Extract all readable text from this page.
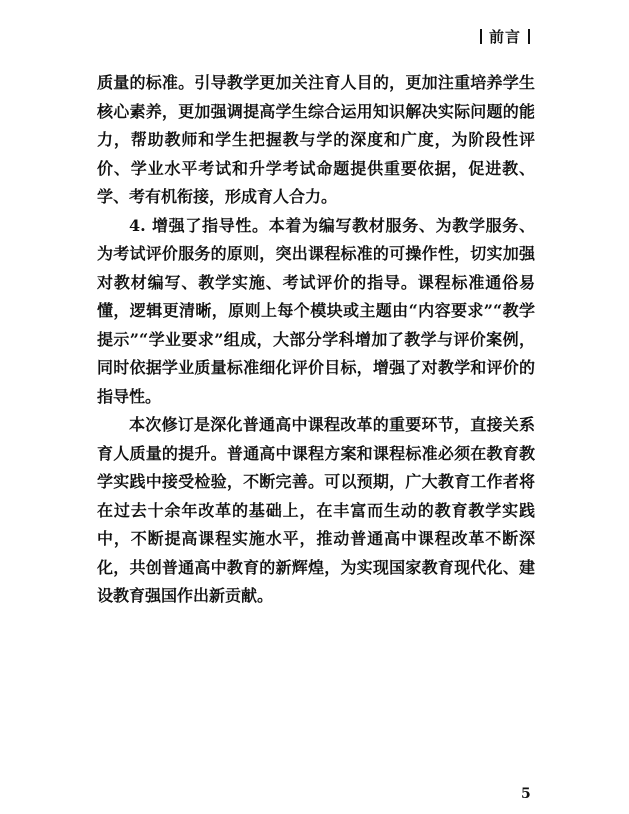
前言

质量的标准。引导教学更加关注育人目的，更加注重培养学生核心素养，更加强调提高学生综合运用知识解决实际问题的能力，帮助教师和学生把握教与学的深度和广度，为阶段性评价、学业水平考试和升学考试命题提供重要依据，促进教、学、考有机衔接，形成育人合力。

4. 增强了指导性。本着为编写教材服务、为教学服务、为考试评价服务的原则，突出课程标准的可操作性，切实加强对教材编写、教学实施、考试评价的指导。课程标准通俗易懂，逻辑更清晰，原则上每个模块或主题由“内容要求”“教学提示”“学业要求”组成，大部分学科增加了教学与评价案例，同时依据学业质量标准细化评价目标，增强了对教学和评价的指导性。

本次修订是深化普通高中课程改革的重要环节，直接关系育人质量的提升。普通高中课程方案和课程标准必须在教育教学实践中接受检验，不断完善。可以预期，广大教育工作者将在过去十余年改革的基础上，在丰富而生动的教育教学实践中，不断提高课程实施水平，推动普通高中课程改革不断深化，共创普通高中教育的新辉煌，为实现国家教育现代化、建设教育强国作出新贡献。

5
